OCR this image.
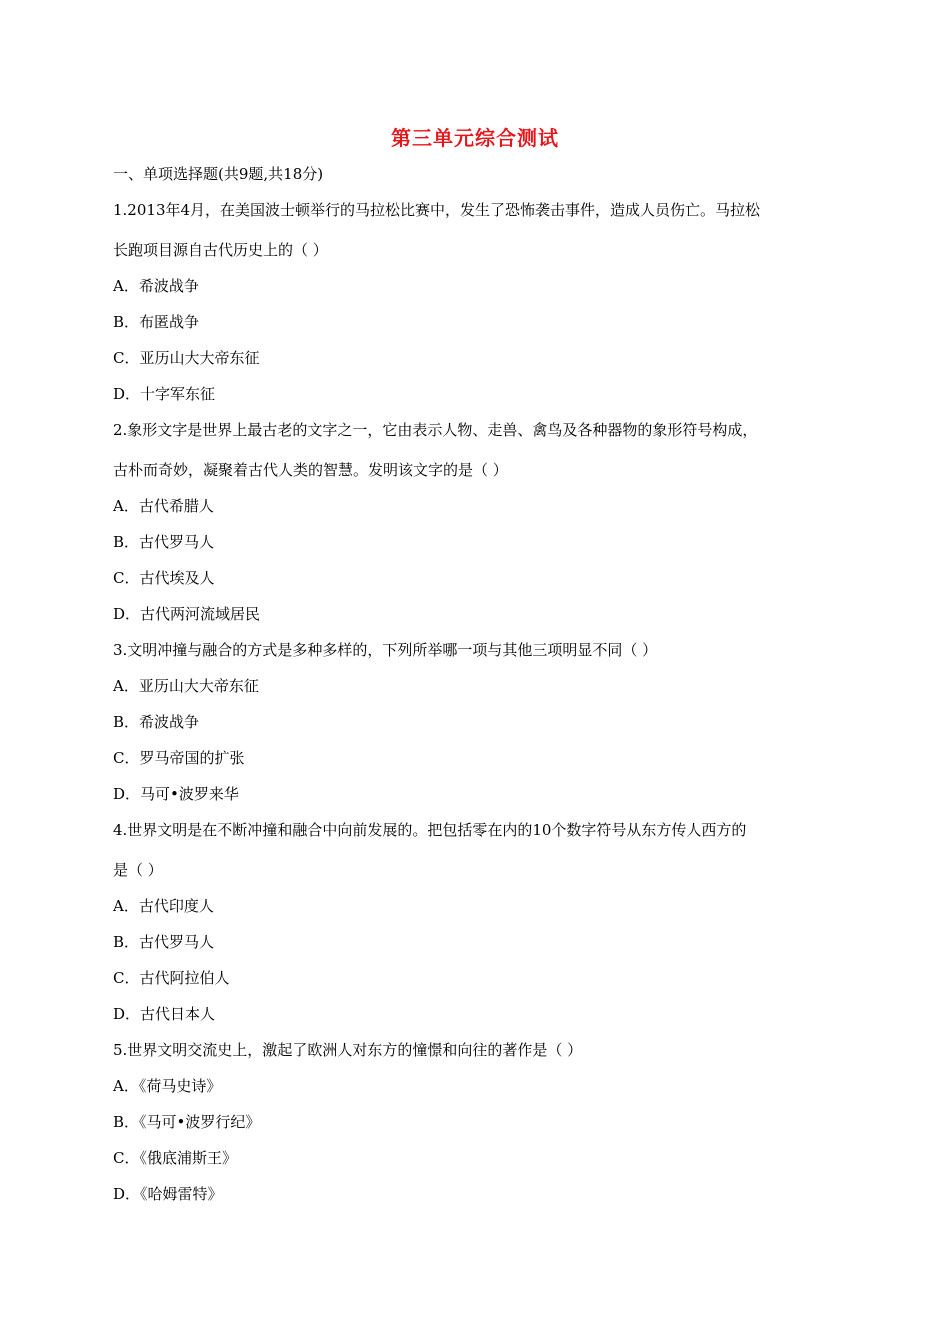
第三单元综合测试
一、单项选择题(共9题,共18分)
1.2013年4月，在美国波士顿举行的马拉松比赛中，发生了恐怖袭击事件，造成人员伤亡。马拉松
长跑项目源自古代历史上的（ ）
A．希波战争
B．布匿战争
C．亚历山大大帝东征
D．十字军东征
2.象形文字是世界上最古老的文字之一，它由表示人物、走兽、禽鸟及各种器物的象形符号构成，
古朴而奇妙，凝聚着古代人类的智慧。发明该文字的是（ ）
A．古代希腊人
B．古代罗马人
C．古代埃及人
D．古代两河流域居民
3.文明冲撞与融合的方式是多种多样的，下列所举哪一项与其他三项明显不同（ ）
A．亚历山大大帝东征
B．希波战争
C．罗马帝国的扩张
D．马可•波罗来华
4.世界文明是在不断冲撞和融合中向前发展的。把包括零在内的10个数字符号从东方传人西方的
是（ ）
A．古代印度人
B．古代罗马人
C．古代阿拉伯人
D．古代日本人
5.世界文明交流史上，激起了欧洲人对东方的憧憬和向往的著作是（ ）
A．《荷马史诗》
B．《马可•波罗行纪》
C．《俄底浦斯王》
D．《哈姆雷特》
